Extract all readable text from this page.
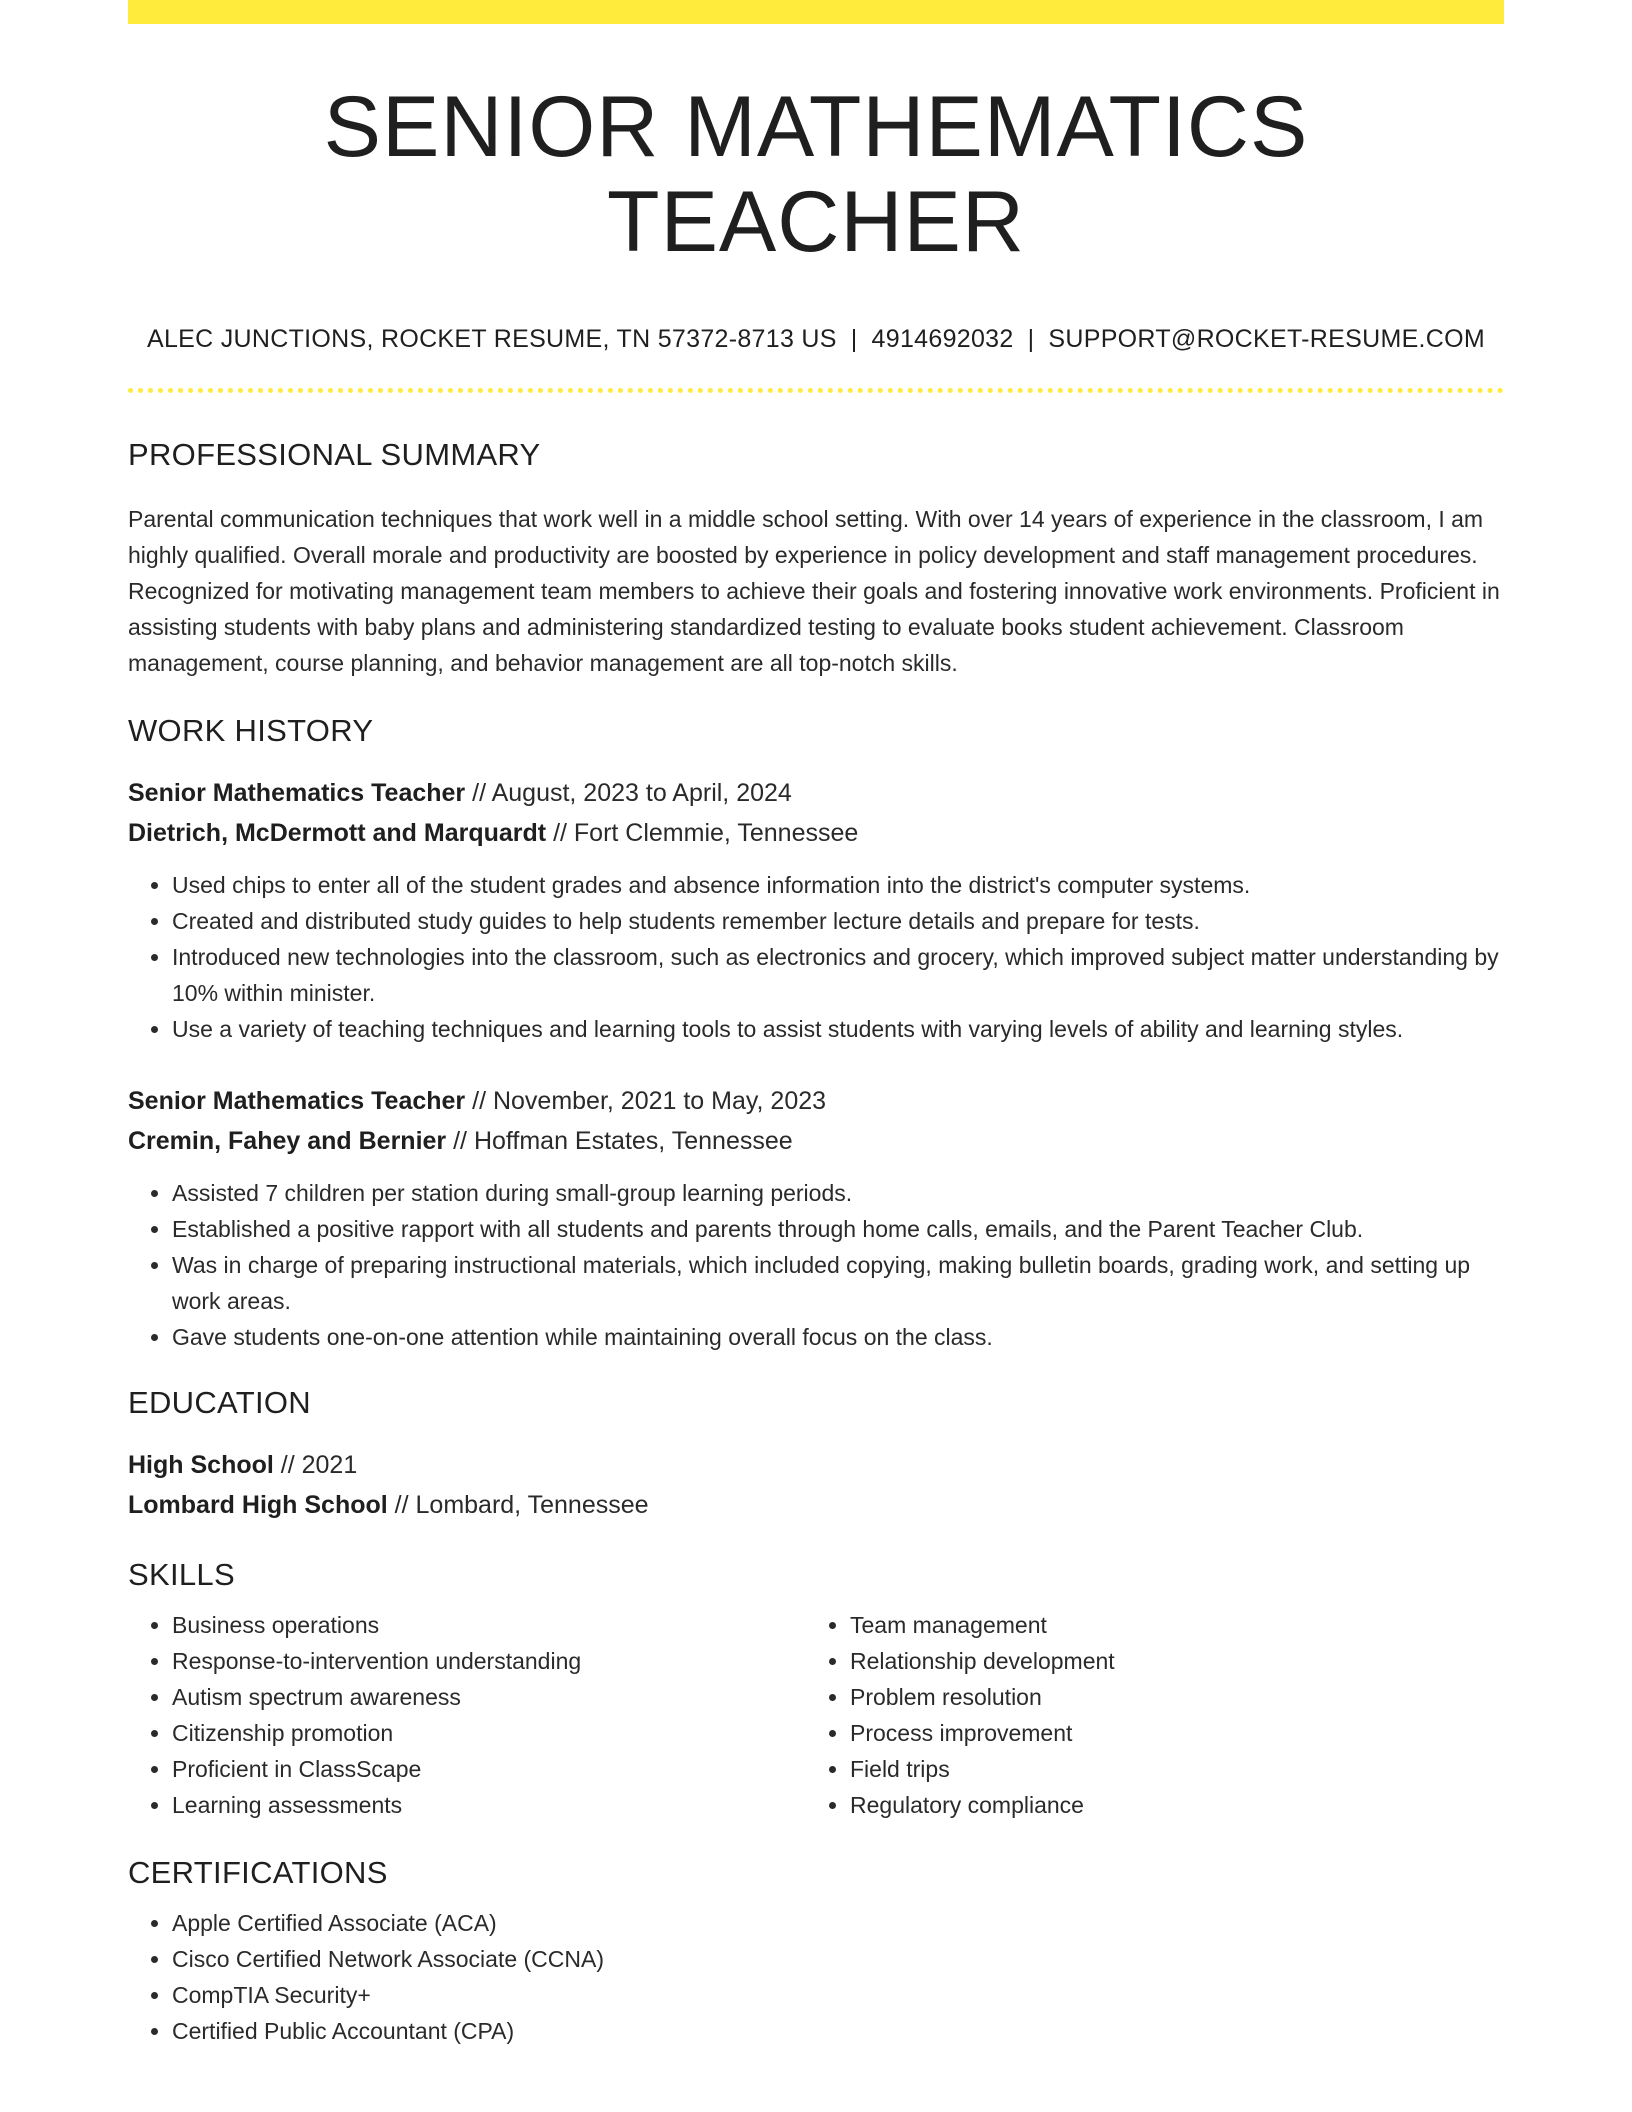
SENIOR MATHEMATICS TEACHER
ALEC JUNCTIONS, ROCKET RESUME, TN 57372-8713 US | 4914692032 | SUPPORT@ROCKET-RESUME.COM
PROFESSIONAL SUMMARY

Parental communication techniques that work well in a middle school setting. With over 14 years of experience in the classroom, I am highly qualified. Overall morale and productivity are boosted by experience in policy development and staff management procedures. Recognized for motivating management team members to achieve their goals and fostering innovative work environments. Proficient in assisting students with baby plans and administering standardized testing to evaluate books student achievement. Classroom management, course planning, and behavior management are all top-notch skills.

WORK HISTORY
Senior Mathematics Teacher // August, 2023 to April, 2024
Dietrich, McDermott and Marquardt // Fort Clemmie, Tennessee
• Used chips to enter all of the student grades and absence information into the district's computer systems.
• Created and distributed study guides to help students remember lecture details and prepare for tests.
• Introduced new technologies into the classroom, such as electronics and grocery, which improved subject matter understanding by 10% within minister.
• Use a variety of teaching techniques and learning tools to assist students with varying levels of ability and learning styles.
Senior Mathematics Teacher // November, 2021 to May, 2023
Cremin, Fahey and Bernier // Hoffman Estates, Tennessee
• Assisted 7 children per station during small-group learning periods.
• Established a positive rapport with all students and parents through home calls, emails, and the Parent Teacher Club.
• Was in charge of preparing instructional materials, which included copying, making bulletin boards, grading work, and setting up work areas.
• Gave students one-on-one attention while maintaining overall focus on the class.
EDUCATION
High School // 2021
Lombard High School // Lombard, Tennessee
SKILLS
• Business operations
• Response-to-intervention understanding
• Autism spectrum awareness
• Citizenship promotion
• Proficient in ClassScape
• Learning assessments
• Team management
• Relationship development
• Problem resolution
• Process improvement
• Field trips
• Regulatory compliance
CERTIFICATIONS
• Apple Certified Associate (ACA)
• Cisco Certified Network Associate (CCNA)
• CompTIA Security+
• Certified Public Accountant (CPA)
